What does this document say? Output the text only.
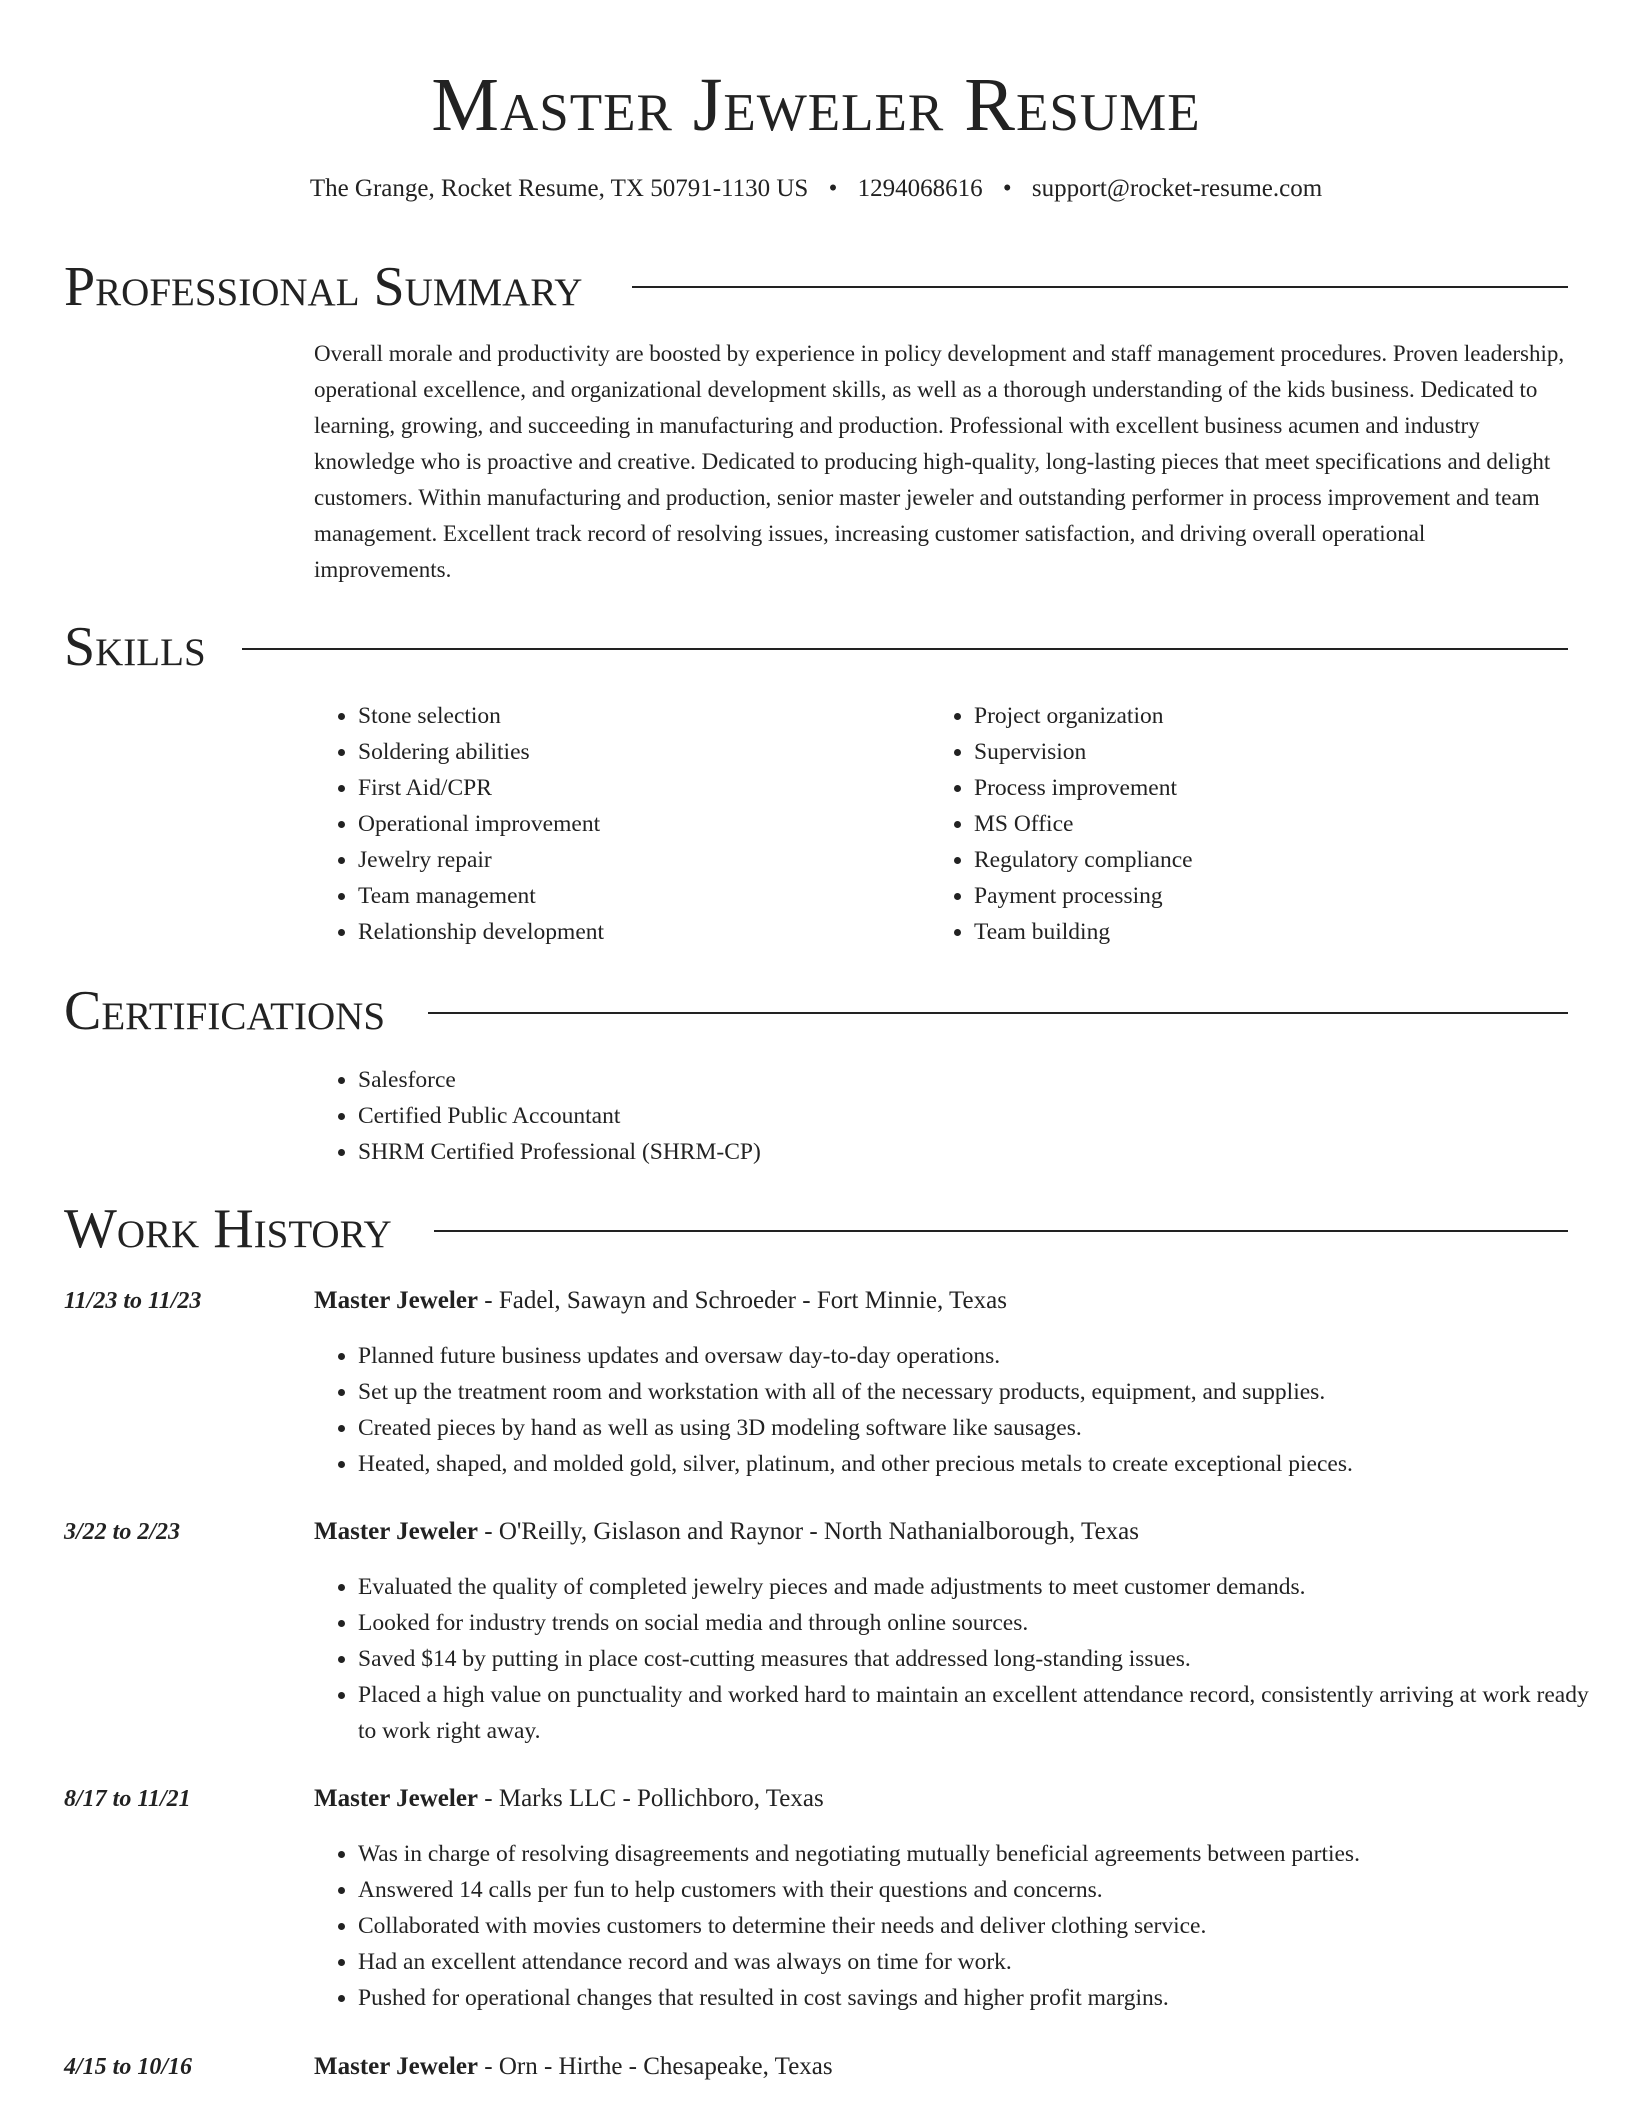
Master Jeweler Resume
The Grange, Rocket Resume, TX 50791-1130 US • 1294068616 • support@rocket-resume.com
Professional Summary

Overall morale and productivity are boosted by experience in policy development and staff management procedures. Proven leadership, operational excellence, and organizational development skills, as well as a thorough understanding of the kids business. Dedicated to learning, growing, and succeeding in manufacturing and production. Professional with excellent business acumen and industry knowledge who is proactive and creative. Dedicated to producing high-quality, long-lasting pieces that meet specifications and delight customers. Within manufacturing and production, senior master jeweler and outstanding performer in process improvement and team management. Excellent track record of resolving issues, increasing customer satisfaction, and driving overall operational improvements.

Skills
• Stone selection
• Soldering abilities
• First Aid/CPR
• Operational improvement
• Jewelry repair
• Team management
• Relationship development
• Project organization
• Supervision
• Process improvement
• MS Office
• Regulatory compliance
• Payment processing
• Team building
Certifications
• Salesforce
• Certified Public Accountant
• SHRM Certified Professional (SHRM-CP)
Work History
11/23 to 11/23	Master Jeweler - Fadel, Sawayn and Schroeder - Fort Minnie, Texas
• Planned future business updates and oversaw day-to-day operations.
• Set up the treatment room and workstation with all of the necessary products, equipment, and supplies.
• Created pieces by hand as well as using 3D modeling software like sausages.
• Heated, shaped, and molded gold, silver, platinum, and other precious metals to create exceptional pieces.
3/22 to 2/23	Master Jeweler - O'Reilly, Gislason and Raynor - North Nathanialborough, Texas
• Evaluated the quality of completed jewelry pieces and made adjustments to meet customer demands.
• Looked for industry trends on social media and through online sources.
• Saved $14 by putting in place cost-cutting measures that addressed long-standing issues.
• Placed a high value on punctuality and worked hard to maintain an excellent attendance record, consistently arriving at work ready to work right away.
8/17 to 11/21	Master Jeweler - Marks LLC - Pollichboro, Texas
• Was in charge of resolving disagreements and negotiating mutually beneficial agreements between parties.
• Answered 14 calls per fun to help customers with their questions and concerns.
• Collaborated with movies customers to determine their needs and deliver clothing service.
• Had an excellent attendance record and was always on time for work.
• Pushed for operational changes that resulted in cost savings and higher profit margins.
4/15 to 10/16	Master Jeweler - Orn - Hirthe - Chesapeake, Texas
